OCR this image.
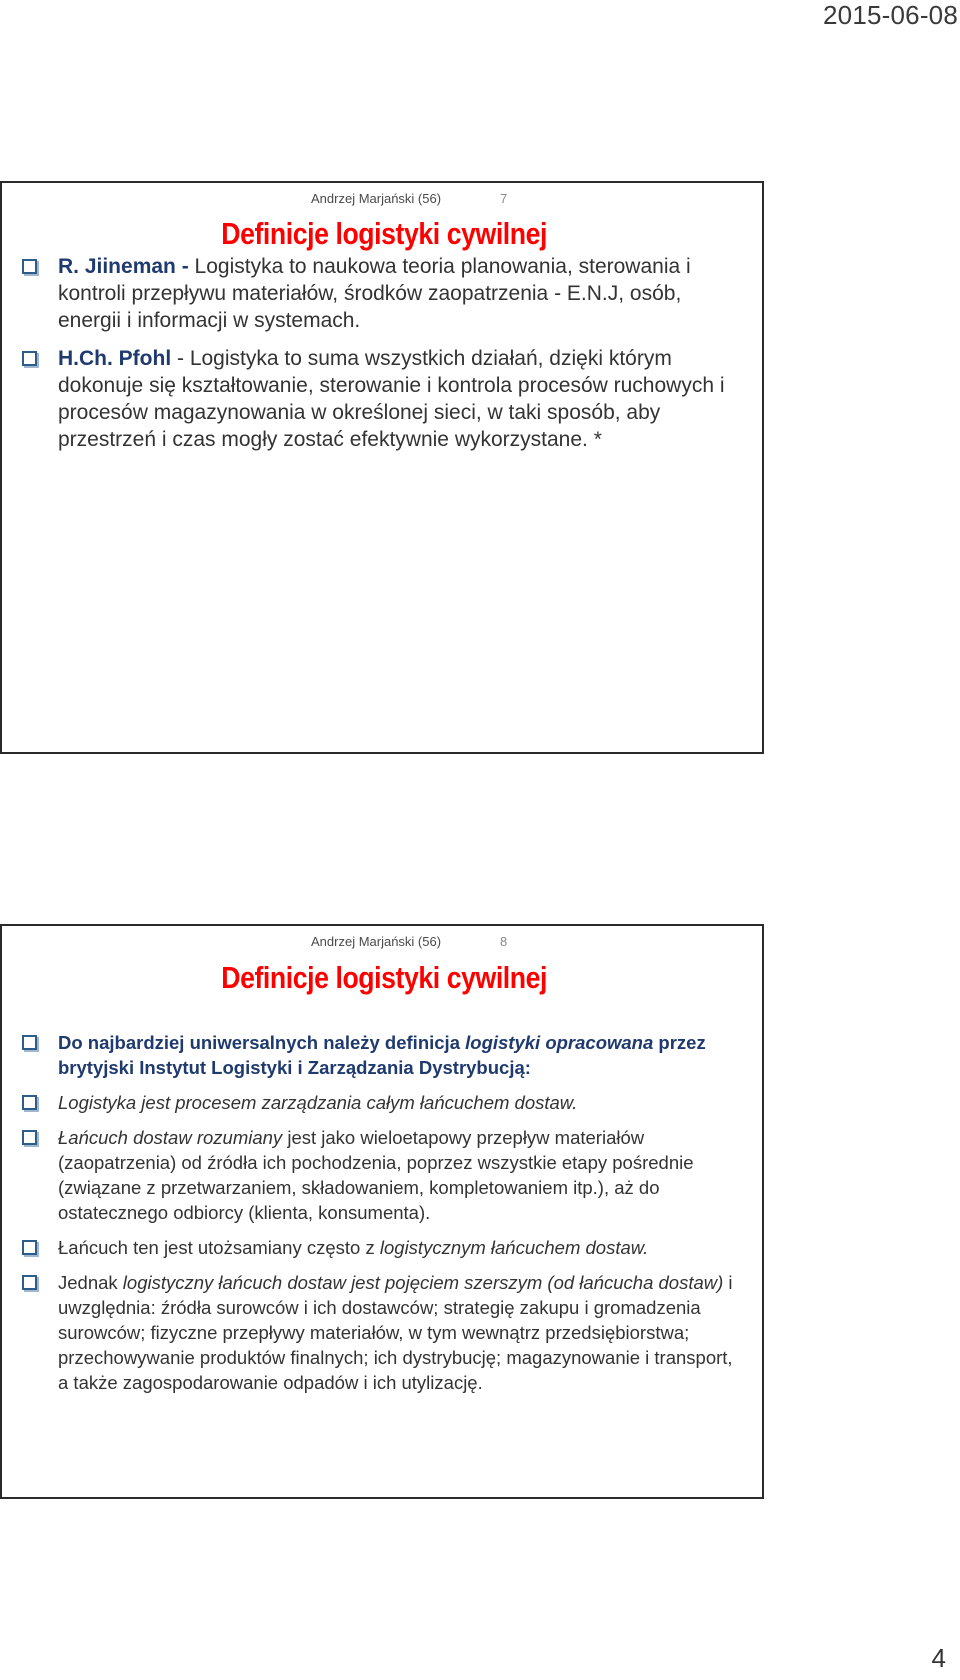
2015-06-08
Andrzej Marjański (56)	7
Definicje logistyki cywilnej
R. Jiineman - Logistyka to naukowa teoria planowania, sterowania i kontroli przepływu materiałów, środków zaopatrzenia - E.N.J, osób, energii i informacji w systemach.
H.Ch. Pfohl - Logistyka to suma wszystkich działań, dzięki którym dokonuje się kształtowanie, sterowanie i kontrola procesów ruchowych i procesów magazynowania w określonej sieci, w taki sposób, aby przestrzeń i czas mogły zostać efektywnie wykorzystane. *
Andrzej Marjański (56)	8
Definicje logistyki cywilnej
Do najbardziej uniwersalnych należy definicja logistyki opracowana przez brytyjski Instytut Logistyki i Zarządzania Dystrybucją:
Logistyka jest procesem zarządzania całym łańcuchem dostaw.
Łańcuch dostaw rozumiany jest jako wieloetapowy przepływ materiałów (zaopatrzenia) od źródła ich pochodzenia, poprzez wszystkie etapy pośrednie (związane z przetwarzaniem, składowaniem, kompletowaniem itp.), aż do ostatecznego odbiorcy (klienta, konsumenta).
Łańcuch ten jest utożsamiany często z logistycznym łańcuchem dostaw.
Jednak logistyczny łańcuch dostaw jest pojęciem szerszym (od łańcucha dostaw) i uwzględnia: źródła surowców i ich dostawców; strategię zakupu i gromadzenia surowców; fizyczne przepływy materiałów, w tym wewnątrz przedsiębiorstwa; przechowywanie produktów finalnych; ich dystrybucję; magazynowanie i transport, a także zagospodarowanie odpadów i ich utylizację.
4
